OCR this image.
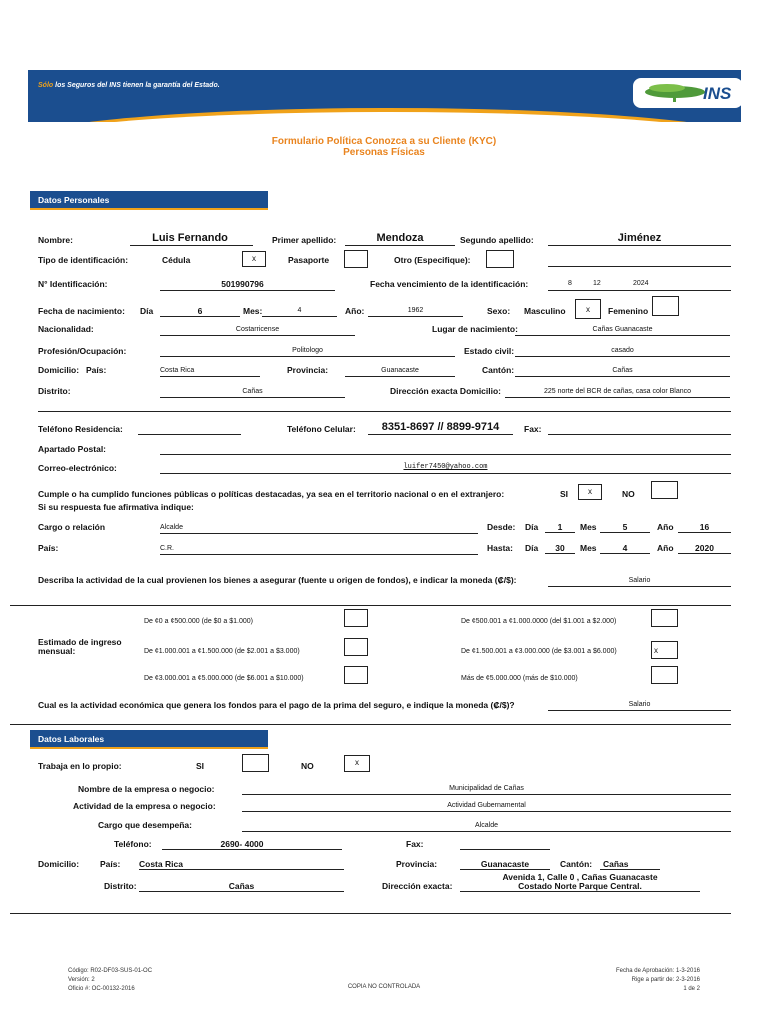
Sólo los Seguros del INS tienen la garantía del Estado.	INS
Formulario Política Conozca a su Cliente (KYC)
Personas Físicas
Datos Personales
Nombre:	Luis Fernando	Primer apellido:	Mendoza	Segundo apellido:	Jiménez
Tipo de identificación:	Cédula	x	Pasaporte	Otro (Especifique):
N° Identificación:	501990796	Fecha vencimiento de la identificación:	8	12	2024
Fecha de nacimiento: Día	6	Mes:	4	Año:	1962	Sexo: Masculino	x	Femenino
Nacionalidad:	Costarricense	Lugar de nacimiento:	Cañas Guanacaste
Profesión/Ocupación:	Politologo	Estado civil:	casado
Domicilio: País:	Costa Rica	Provincia:	Guanacaste	Cantón:	Cañas
Distrito:	Cañas	Dirección exacta Domicilio:	225 norte del BCR de cañas, casa color Blanco
Teléfono Residencia:	Teléfono Celular:	8351-8697 // 8899-9714	Fax:
Apartado Postal:
Correo-electrónico:	luifer7450@yahoo.com
Cumple o ha cumplido funciones públicas o políticas destacadas, ya sea en el territorio nacional o en el extranjero:	SI	x	NO
Si su respuesta fue afirmativa indique:
Cargo o relación	Alcalde	Desde: Día	1	Mes	5	Año	16
País:	C.R.	Hasta: Día	30	Mes	4	Año	2020
Describa la actividad de la cual provienen los bienes a asegurar (fuente u origen de fondos), e indicar la moneda (₡/$):	Salario
Estimado de ingreso
mensual:
De ¢0 a ¢500.000 (de $0 a $1.000)	De ¢500.001 a ¢1.000.0000 (del $1.001 a $2.000)
De ¢1.000.001 a ¢1.500.000 (de $2.001 a $3.000)	De ¢1.500.001 a ¢3.000.000 (de $3.001 a $6.000)	x
De ¢3.000.001 a ¢5.000.000 (de $6.001 a $10.000)	Más de ¢5.000.000 (más de $10.000)
Cual es la actividad económica que genera los fondos para el pago de la prima del seguro, e indique la moneda (₡/$)?	Salario
Datos Laborales
Trabaja en lo propio:	SI	NO	x
Nombre de la empresa o negocio:	Municipalidad de Cañas
Actividad de la empresa o negocio:	Actividad Gubernamental
Cargo que desempeña:	Alcalde
Teléfono:	2690- 4000	Fax:
Domicilio: País: Costa Rica	Provincia:	Guanacaste	Cantón: Cañas
Distrito:	Cañas	Dirección exacta:
Avenida 1, Calle 0 , Cañas Guanacaste
Costado Norte Parque Central.
Código: R02-DF03-SUS-01-OC
Versión: 2
Oficio #: OC-00132-2016	COPIA NO CONTROLADA
Fecha de Aprobación: 1-3-2016
Rige a partir de: 2-3-2016
1 de 2
